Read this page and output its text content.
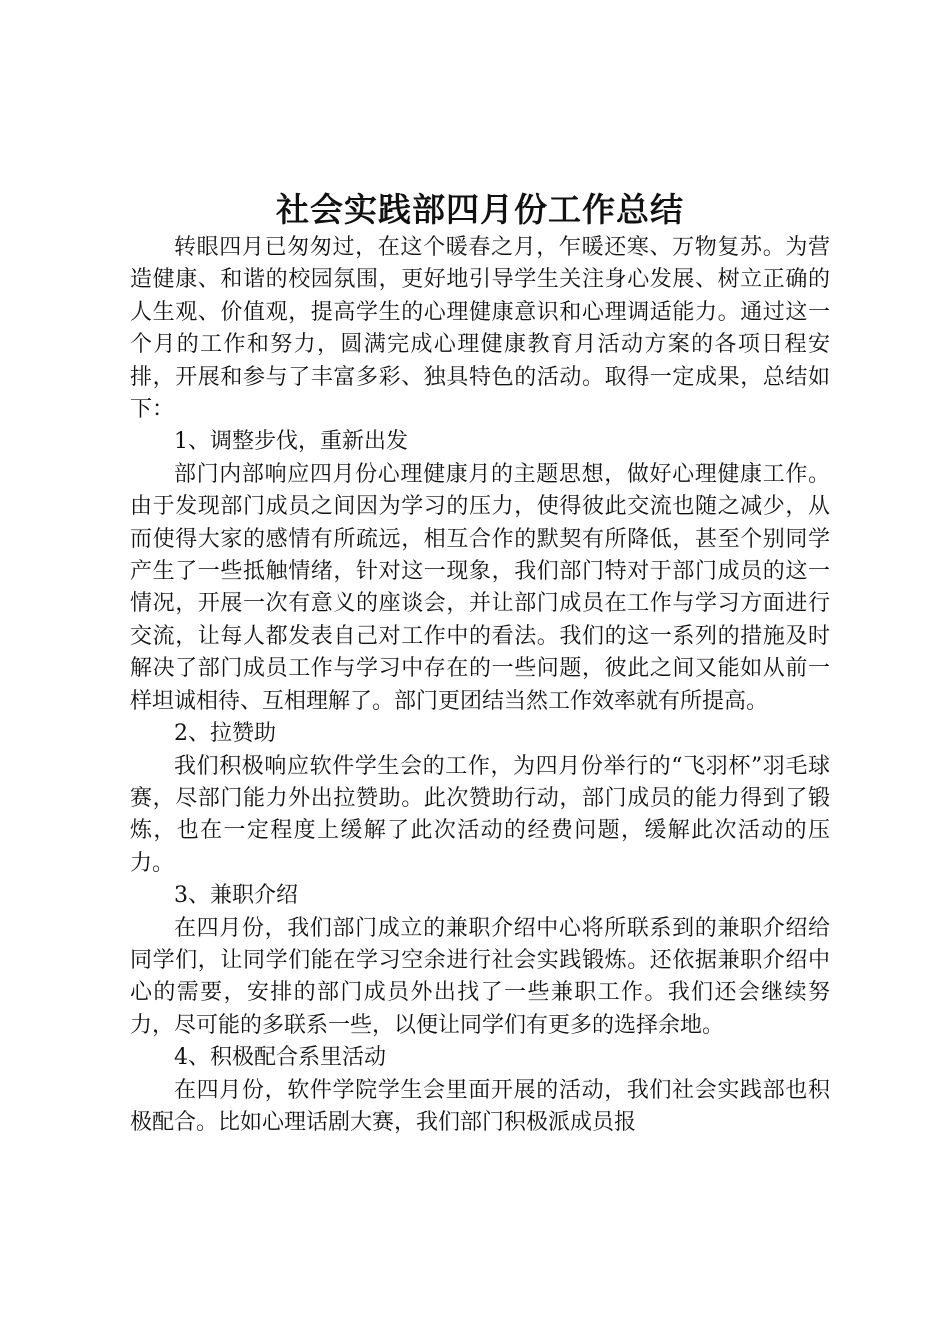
社会实践部四月份工作总结

转眼四月已匆匆过，在这个暖春之月，乍暖还寒、万物复苏。为营造健康、和谐的校园氛围，更好地引导学生关注身心发展、树立正确的人生观、价值观，提高学生的心理健康意识和心理调适能力。通过这一个月的工作和努力，圆满完成心理健康教育月活动方案的各项日程安排，开展和参与了丰富多彩、独具特色的活动。取得一定成果，总结如下：

1、调整步伐，重新出发

部门内部响应四月份心理健康月的主题思想，做好心理健康工作。由于发现部门成员之间因为学习的压力，使得彼此交流也随之减少，从而使得大家的感情有所疏远，相互合作的默契有所降低，甚至个别同学产生了一些抵触情绪，针对这一现象，我们部门特对于部门成员的这一情况，开展一次有意义的座谈会，并让部门成员在工作与学习方面进行交流，让每人都发表自己对工作中的看法。我们的这一系列的措施及时解决了部门成员工作与学习中存在的一些问题，彼此之间又能如从前一样坦诚相待、互相理解了。部门更团结当然工作效率就有所提高。

2、拉赞助

我们积极响应软件学生会的工作，为四月份举行的“飞羽杯”羽毛球赛，尽部门能力外出拉赞助。此次赞助行动，部门成员的能力得到了锻炼，也在一定程度上缓解了此次活动的经费问题，缓解此次活动的压力。

3、兼职介绍

在四月份，我们部门成立的兼职介绍中心将所联系到的兼职介绍给同学们，让同学们能在学习空余进行社会实践锻炼。还依据兼职介绍中心的需要，安排的部门成员外出找了一些兼职工作。我们还会继续努力，尽可能的多联系一些，以便让同学们有更多的选择余地。

4、积极配合系里活动

在四月份，软件学院学生会里面开展的活动，我们社会实践部也积极配合。比如心理话剧大赛，我们部门积极派成员报
